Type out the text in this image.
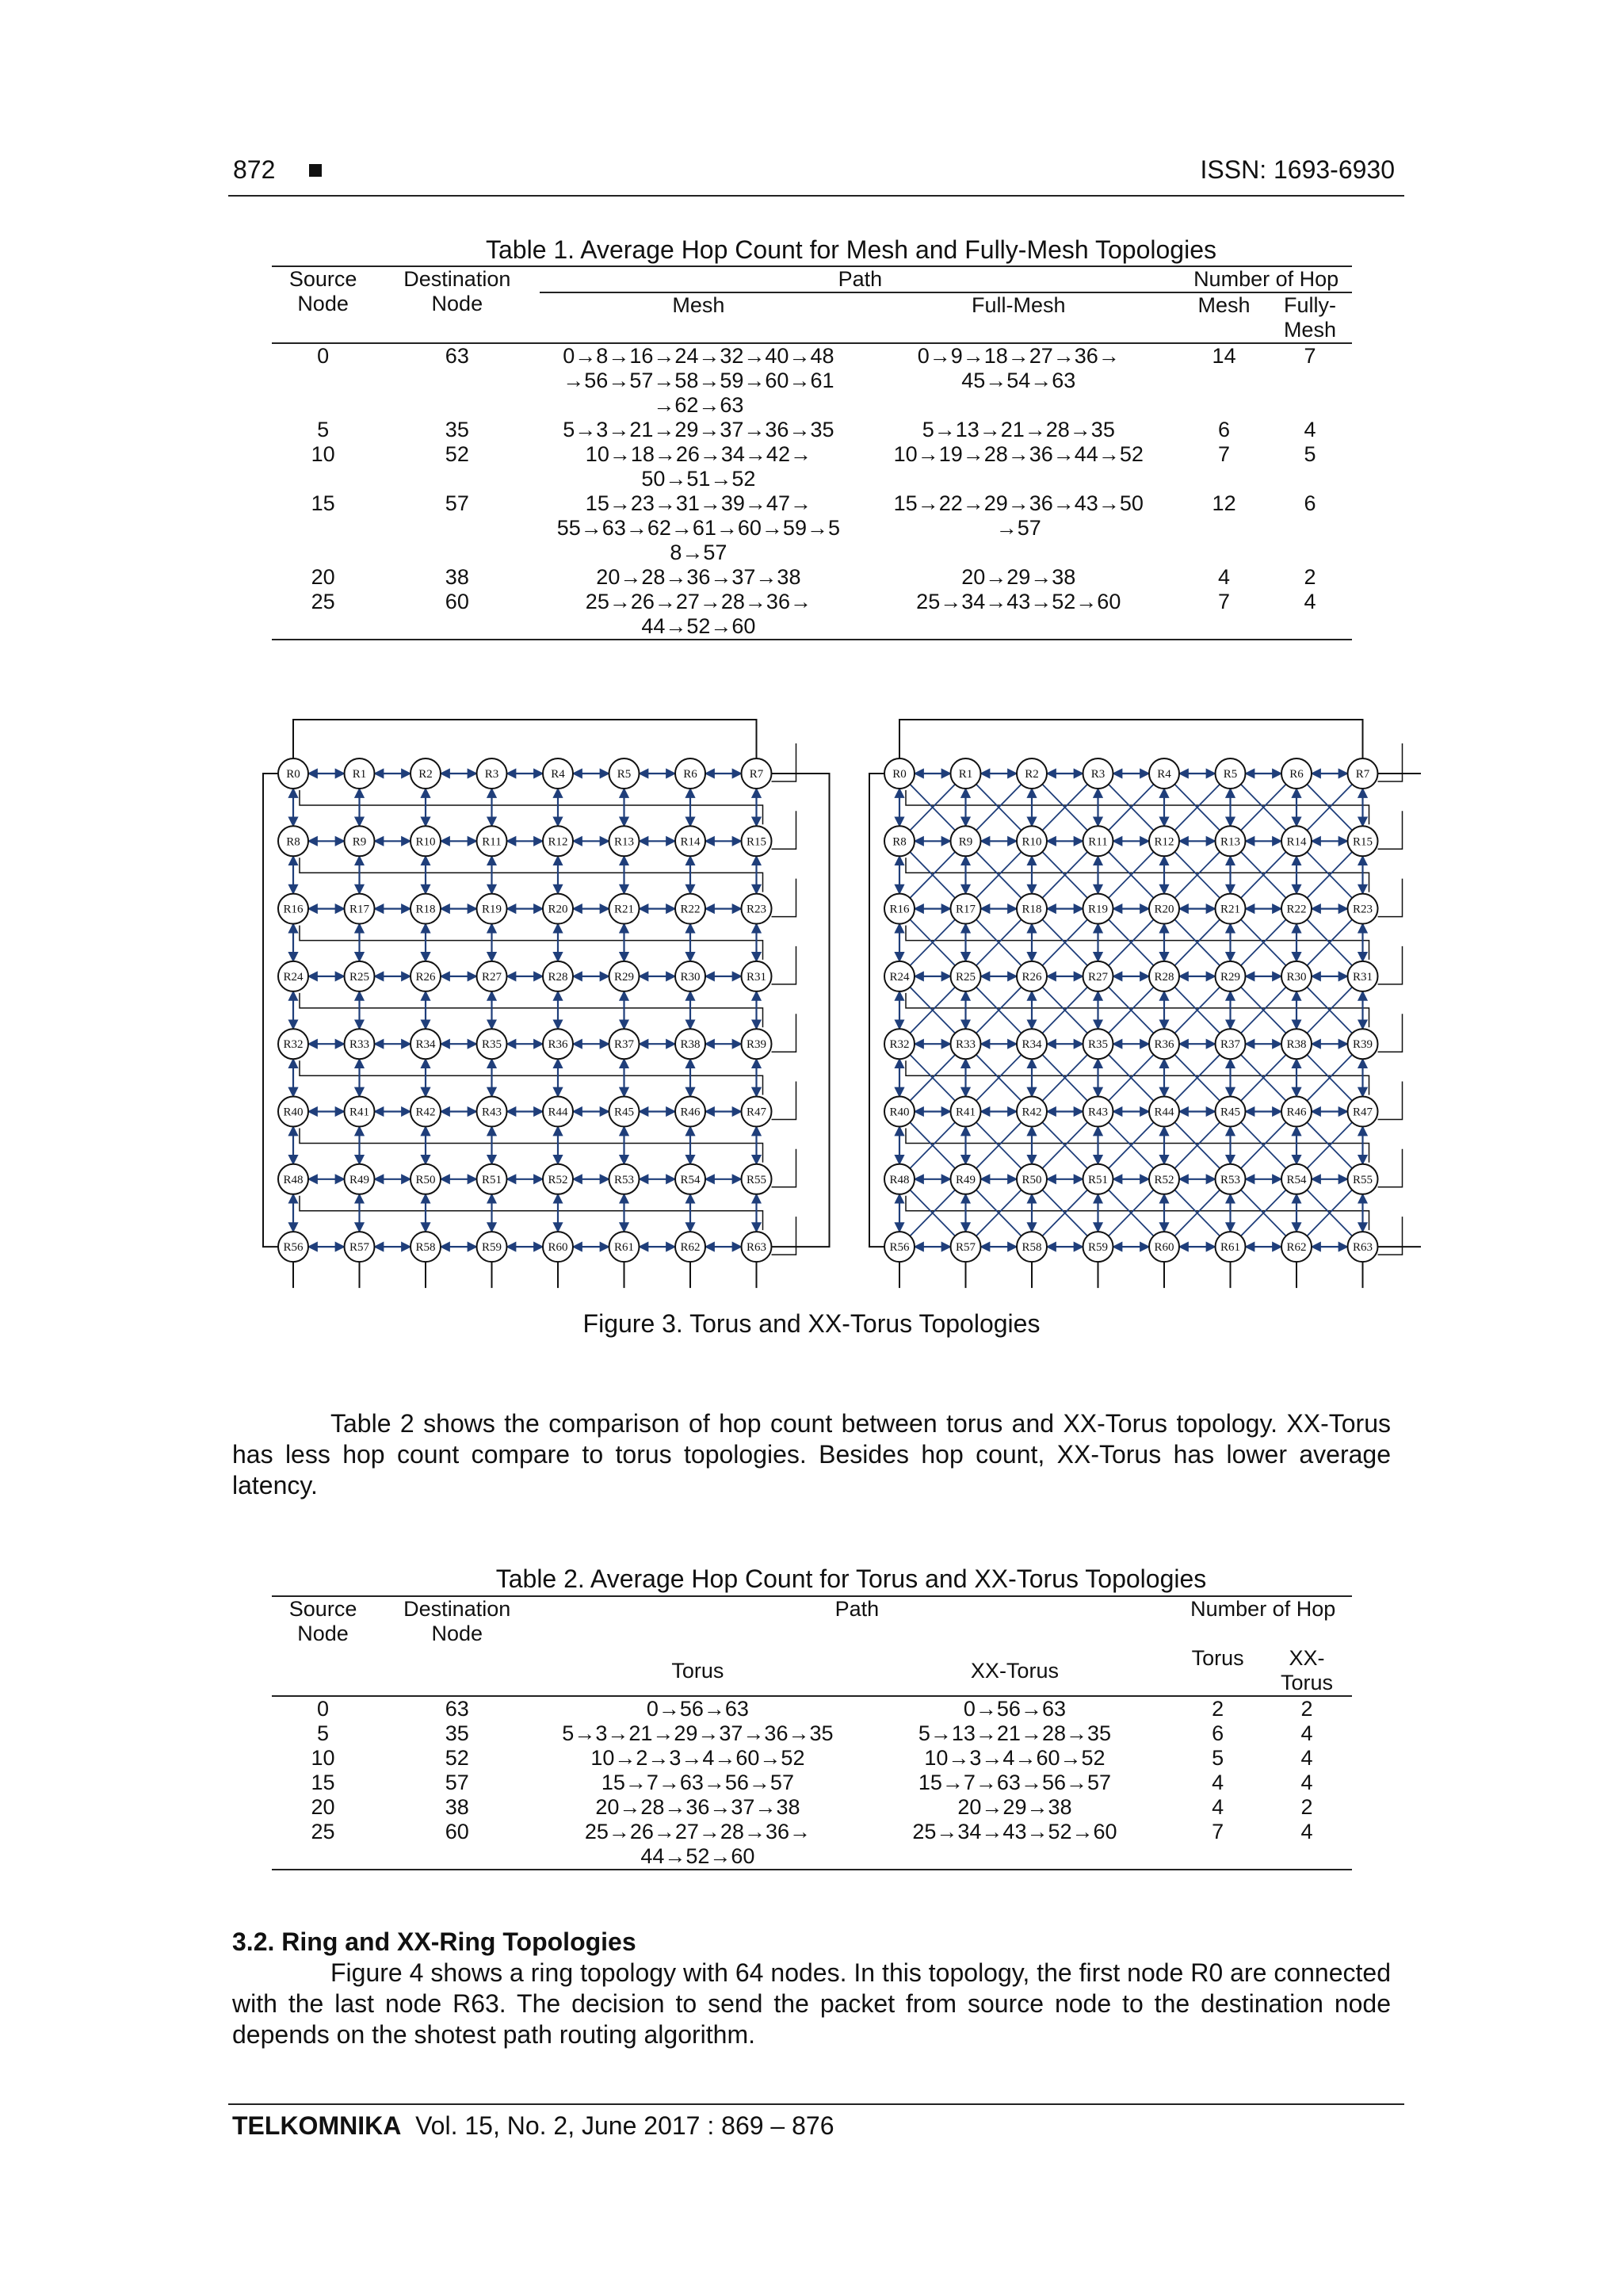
872	ISSN: 1693-6930
Table 1. Average Hop Count for Mesh and Fully-Mesh Topologies
Source Node	Destination Node	Path		Number of Hop	
		Mesh	Full-Mesh	Mesh	Fully-Mesh
0	63	0→8→16→24→32→40→48 →56→57→58→59→60→61 →62→63	0→9→18→27→36→ 45→54→63	14	7
5	35	5→3→21→29→37→36→35	5→13→21→28→35	6	4
10	52	10→18→26→34→42→ 50→51→52	10→19→28→36→44→52	7	5
15	57	15→23→31→39→47→ 55→63→62→61→60→59→5 8→57	15→22→29→36→43→50 →57	12	6
20	38	20→28→36→37→38	20→29→38	4	2
25	60	25→26→27→28→36→ 44→52→60	25→34→43→52→60	7	4
R0	R1	R2	R3	R4	R5	R6	R7
R8	R9	R10	R11	R12	R13	R14	R15
R16	R17	R18	R19	R20	R21	R22	R23
R24	R25	R26	R27	R28	R29	R30	R31
R32	R33	R34	R35	R36	R37	R38	R39
R40	R41	R42	R43	R44	R45	R46	R47
R48	R49	R50	R51	R52	R53	R54	R55
R56	R57	R58	R59	R60	R61	R62	R63
R0	R1	R2	R3	R4	R5	R6	R7
R8	R9	R10	R11	R12	R13	R14	R15
R16	R17	R18	R19	R20	R21	R22	R23
R24	R25	R26	R27	R28	R29	R30	R31
R32	R33	R34	R35	R36	R37	R38	R39
R40	R41	R42	R43	R44	R45	R46	R47
R48	R49	R50	R51	R52	R53	R54	R55
R56	R57	R58	R59	R60	R61	R62	R63
Figure 3. Torus and XX-Torus Topologies
Table 2 shows the comparison of hop count between torus and XX-Torus topology. XX-Torus has less hop count compare to torus topologies. Besides hop count, XX-Torus has lower average latency.
Table 2. Average Hop Count for Torus and XX-Torus Topologies
Source Node	Destination Node	Path		Number of Hop	
		Torus	XX-Torus	Torus	XX-Torus
0	63	0→56→63	0→56→63	2	2
5	35	5→3→21→29→37→36→35	5→13→21→28→35	6	4
10	52	10→2→3→4→60→52	10→3→4→60→52	5	4
15	57	15→7→63→56→57	15→7→63→56→57	4	4
20	38	20→28→36→37→38	20→29→38	4	2
25	60	25→26→27→28→36→ 44→52→60	25→34→43→52→60	7	4
3.2. Ring and XX-Ring Topologies
Figure 4 shows a ring topology with 64 nodes. In this topology, the first node R0 are connected with the last node R63. The decision to send the packet from source node to the destination node depends on the shotest path routing algorithm.
TELKOMNIKA Vol. 15, No. 2, June 2017 : 869 – 876
